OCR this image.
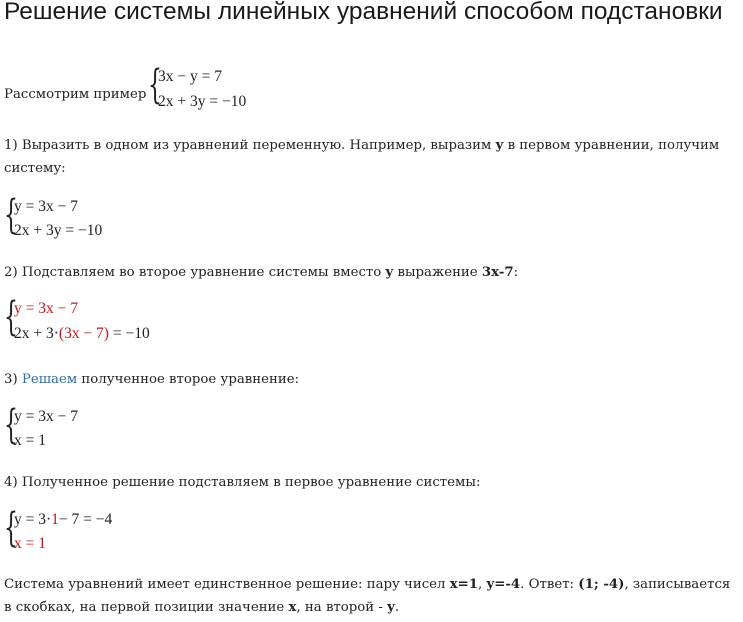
Решение системы линейных уравнений способом подстановки
Рассмотрим пример {
3x − y = 7
2x + 3y = −10

1) Выразить в одном из уравнений переменную. Например, выразим y в первом уравнении, получим систему:

{
y = 3x − 7
2x + 3y = −10

2) Подставляем во второе уравнение системы вместо y выражение 3x-7:

{
y = 3x − 7
2x + 3·(3x − 7) = −10

3) Решаем полученное второе уравнение:

{
y = 3x − 7
x = 1

4) Полученное решение подставляем в первое уравнение системы:

{
y = 3·1− 7 = −4
x = 1

Система уравнений имеет единственное решение: пару чисел x=1, y=-4. Ответ: (1; -4), записывается в скобках, на первой позиции значение x, на второй - y.
